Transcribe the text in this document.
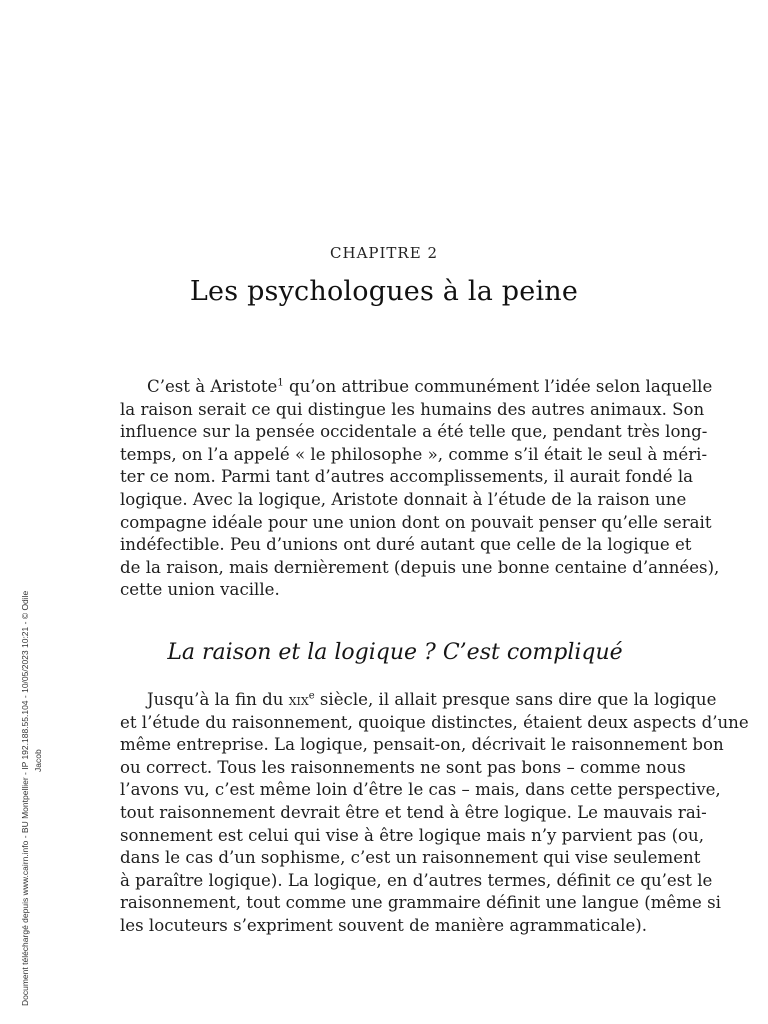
Document téléchargé depuis www.cairn.info - BU Montpellier - IP 192.188.55.104 - 10/05/2023 10:21 - © Odile Jacob
CHAPITRE 2
Les psychologues à la peine
C’est à Aristote$^1$ qu’on attribue communément l’idée selon laquelle
la raison serait ce qui distingue les humains des autres animaux. Son
influence sur la pensée occidentale a été telle que, pendant très long-
temps, on l’a appelé « le philosophe », comme s’il était le seul à méri-
ter ce nom. Parmi tant d’autres accomplissements, il aurait fondé la
logique. Avec la logique, Aristote donnait à l’étude de la raison une
compagne idéale pour une union dont on pouvait penser qu’elle serait
indéfectible. Peu d’unions ont duré autant que celle de la logique et
de la raison, mais dernièrement (depuis une bonne centaine d’années),
cette union vacille.
La raison et la logique ? C’est compliqué
Jusqu’à la fin du xix$^e$ siècle, il allait presque sans dire que la logique
et l’étude du raisonnement, quoique distinctes, étaient deux aspects d’une
même entreprise. La logique, pensait-on, décrivait le raisonnement bon
ou correct. Tous les raisonnements ne sont pas bons – comme nous
l’avons vu, c’est même loin d’être le cas – mais, dans cette perspective,
tout raisonnement devrait être et tend à être logique. Le mauvais rai-
sonnement est celui qui vise à être logique mais n’y parvient pas (ou,
dans le cas d’un sophisme, c’est un raisonnement qui vise seulement
à paraître logique). La logique, en d’autres termes, définit ce qu’est le
raisonnement, tout comme une grammaire définit une langue (même si
les locuteurs s’expriment souvent de manière agrammaticale).
